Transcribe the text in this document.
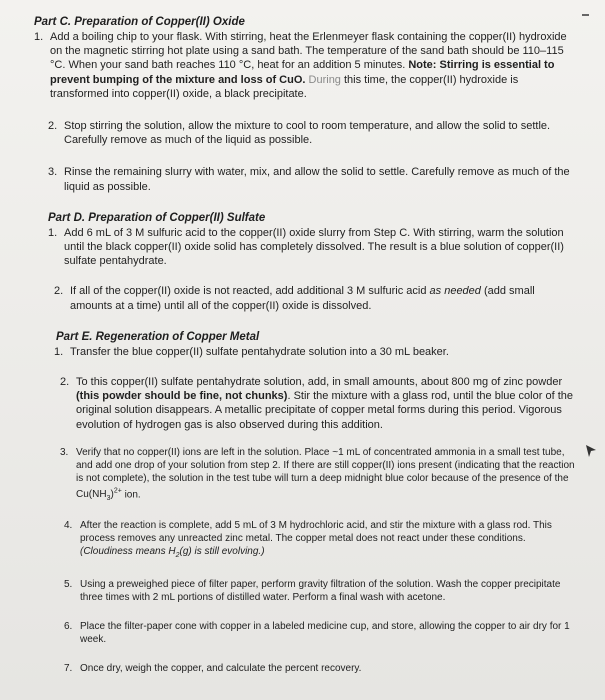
Part C. Preparation of Copper(II) Oxide
1. Add a boiling chip to your flask. With stirring, heat the Erlenmeyer flask containing the copper(II) hydroxide on the magnetic stirring hot plate using a sand bath. The temperature of the sand bath should be 110–115 °C. When your sand bath reaches 110 °C, heat for an addition 5 minutes. Note: Stirring is essential to prevent bumping of the mixture and loss of CuO. During this time, the copper(II) hydroxide is transformed into copper(II) oxide, a black precipitate.
2. Stop stirring the solution, allow the mixture to cool to room temperature, and allow the solid to settle. Carefully remove as much of the liquid as possible.
3. Rinse the remaining slurry with water, mix, and allow the solid to settle. Carefully remove as much of the liquid as possible.
Part D. Preparation of Copper(II) Sulfate
1. Add 6 mL of 3 M sulfuric acid to the copper(II) oxide slurry from Step C. With stirring, warm the solution until the black copper(II) oxide solid has completely dissolved. The result is a blue solution of copper(II) sulfate pentahydrate.
2. If all of the copper(II) oxide is not reacted, add additional 3 M sulfuric acid as needed (add small amounts at a time) until all of the copper(II) oxide is dissolved.
Part E. Regeneration of Copper Metal
1. Transfer the blue copper(II) sulfate pentahydrate solution into a 30 mL beaker.
2. To this copper(II) sulfate pentahydrate solution, add, in small amounts, about 800 mg of zinc powder (this powder should be fine, not chunks). Stir the mixture with a glass rod, until the blue color of the original solution disappears. A metallic precipitate of copper metal forms during this period. Vigorous evolution of hydrogen gas is also observed during this addition.
3. Verify that no copper(II) ions are left in the solution. Place ~1 mL of concentrated ammonia in a small test tube, and add one drop of your solution from step 2. If there are still copper(II) ions present (indicating that the reaction is not complete), the solution in the test tube will turn a deep midnight blue color because of the presence of the $Cu(NH_3)^{2+}$ ion.
4. After the reaction is complete, add 5 mL of 3 M hydrochloric acid, and stir the mixture with a glass rod. This process removes any unreacted zinc metal. The copper metal does not react under these conditions. (Cloudiness means $H_2(g)$ is still evolving.)
5. Using a preweighed piece of filter paper, perform gravity filtration of the solution. Wash the copper precipitate three times with 2 mL portions of distilled water. Perform a final wash with acetone.
6. Place the filter-paper cone with copper in a labeled medicine cup, and store, allowing the copper to air dry for 1 week.
7. Once dry, weigh the copper, and calculate the percent recovery.
